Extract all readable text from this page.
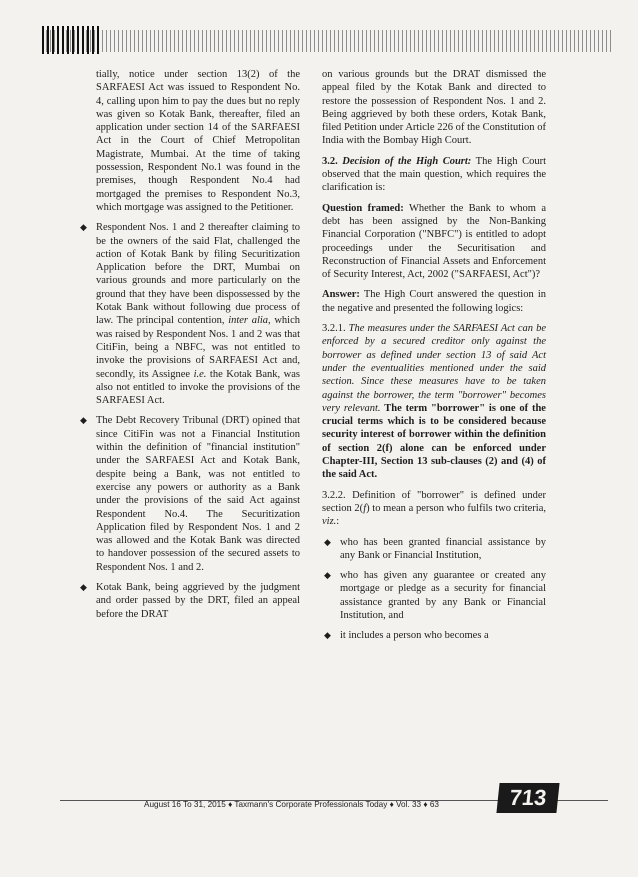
tially, notice under section 13(2) of the SARFAESI Act was issued to Respondent No. 4, calling upon him to pay the dues but no reply was given so Kotak Bank, thereafter, filed an application under section 14 of the SARFAESI Act in the Court of Chief Metropolitan Magistrate, Mumbai. At the time of taking possession, Respondent No.1 was found in the premises, though Respondent No.4 had mortgaged the premises to Respondent No.3, which mortgage was assigned to the Petitioner.

◆ Respondent Nos. 1 and 2 thereafter claiming to be the owners of the said Flat, challenged the action of Kotak Bank by filing Securitization Application before the DRT, Mumbai on various grounds and more particularly on the ground that they have been dispossessed by the Kotak Bank without following due process of law. The principal contention, inter alia, which was raised by Respondent Nos. 1 and 2 was that CitiFin, being a NBFC, was not entitled to invoke the provisions of SARFAESI Act and, secondly, its Assignee i.e. the Kotak Bank, was also not entitled to invoke the provisions of the SARFAESI Act.
◆ The Debt Recovery Tribunal (DRT) opined that since CitiFin was not a Financial Institution within the definition of "financial institution" under the SARFAESI Act and Kotak Bank, despite being a Bank, was not entitled to exercise any powers or authority as a Bank under the provisions of the said Act against Respondent No.4. The Securitization Application filed by Respondent Nos. 1 and 2 was allowed and the Kotak Bank was directed to handover possession of the secured assets to Respondent Nos. 1 and 2.
◆ Kotak Bank, being aggrieved by the judgment and order passed by the DRT, filed an appeal before the DRAT

on various grounds but the DRAT dismissed the appeal filed by the Kotak Bank and directed to restore the possession of Respondent Nos. 1 and 2. Being aggrieved by both these orders, Kotak Bank, filed Petition under Article 226 of the Constitution of India with the Bombay High Court.

3.2. Decision of the High Court: The High Court observed that the main question, which requires the clarification is:

Question framed: Whether the Bank to whom a debt has been assigned by the Non-Banking Financial Corporation ("NBFC") is entitled to adopt proceedings under the Securitisation and Reconstruction of Financial Assets and Enforcement of Security Interest, Act, 2002 ("SARFAESI, Act")?

Answer: The High Court answered the question in the negative and presented the following logics:

3.2.1. The measures under the SARFAESI Act can be enforced by a secured creditor only against the borrower as defined under section 13 of said Act under the eventualities mentioned under the said section. Since these measures have to be taken against the borrower, the term "borrower" becomes very relevant. The term "borrower" is one of the crucial terms which is to be considered because security interest of borrower within the definition of section 2(f) alone can be enforced under Chapter-III, Section 13 sub-clauses (2) and (4) of the said Act.

3.2.2. Definition of "borrower" is defined under section 2(f) to mean a person who fulfils two criteria, viz.:

◆ who has been granted financial assistance by any Bank or Financial Institution,
◆ who has given any guarantee or created any mortgage or pledge as a security for financial assistance granted by any Bank or Financial Institution, and
◆ it includes a person who becomes a
August 16 To 31, 2015 ♦ Taxmann's Corporate Professionals Today ♦ Vol. 33 ♦ 63	713
